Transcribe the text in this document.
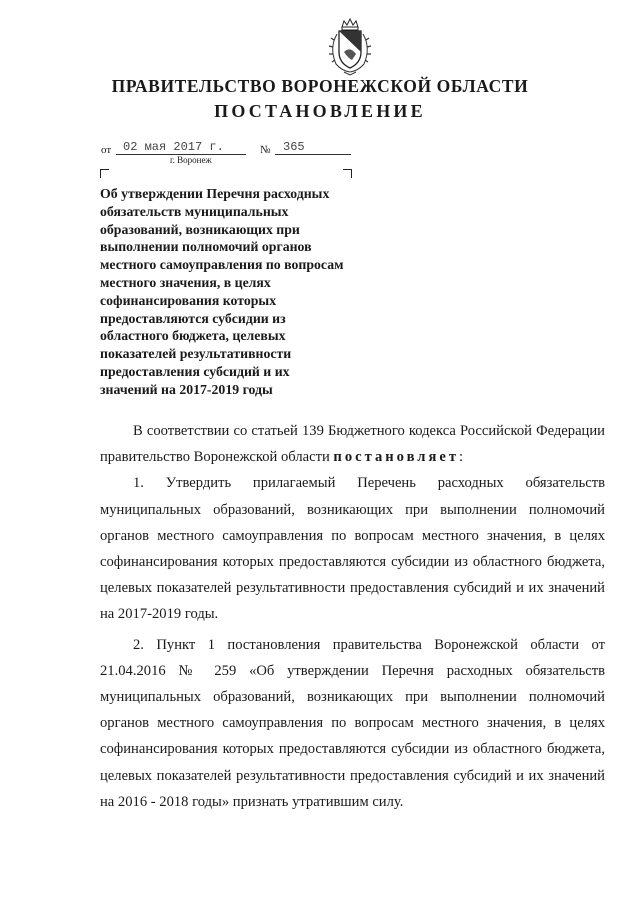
ПРАВИТЕЛЬСТВО ВОРОНЕЖСКОЙ ОБЛАСТИ
ПОСТАНОВЛЕНИЕ
от 02 мая 2017 г.	№ 365
г. Воронеж
Об утверждении Перечня расходных
обязательств муниципальных
образований, возникающих при
выполнении полномочий органов
местного самоуправления по вопросам
местного значения, в целях
софинансирования которых
предоставляются субсидии из
областного бюджета, целевых
показателей результативности
предоставления субсидий и их
значений на 2017-2019 годы

В соответствии со статьей 139 Бюджетного кодекса Российской Федерации правительство Воронежской области постановляет:

1. Утвердить прилагаемый Перечень расходных обязательств муниципальных образований, возникающих при выполнении полномочий органов местного самоуправления по вопросам местного значения, в целях софинансирования которых предоставляются субсидии из областного бюджета, целевых показателей результативности предоставления субсидий и их значений на 2017-2019 годы.

2. Пункт 1 постановления правительства Воронежской области от 21.04.2016 № 259 «Об утверждении Перечня расходных обязательств муниципальных образований, возникающих при выполнении полномочий органов местного самоуправления по вопросам местного значения, в целях софинансирования которых предоставляются субсидии из областного бюджета, целевых показателей результативности предоставления субсидий и их значений на 2016 - 2018 годы» признать утратившим силу.
